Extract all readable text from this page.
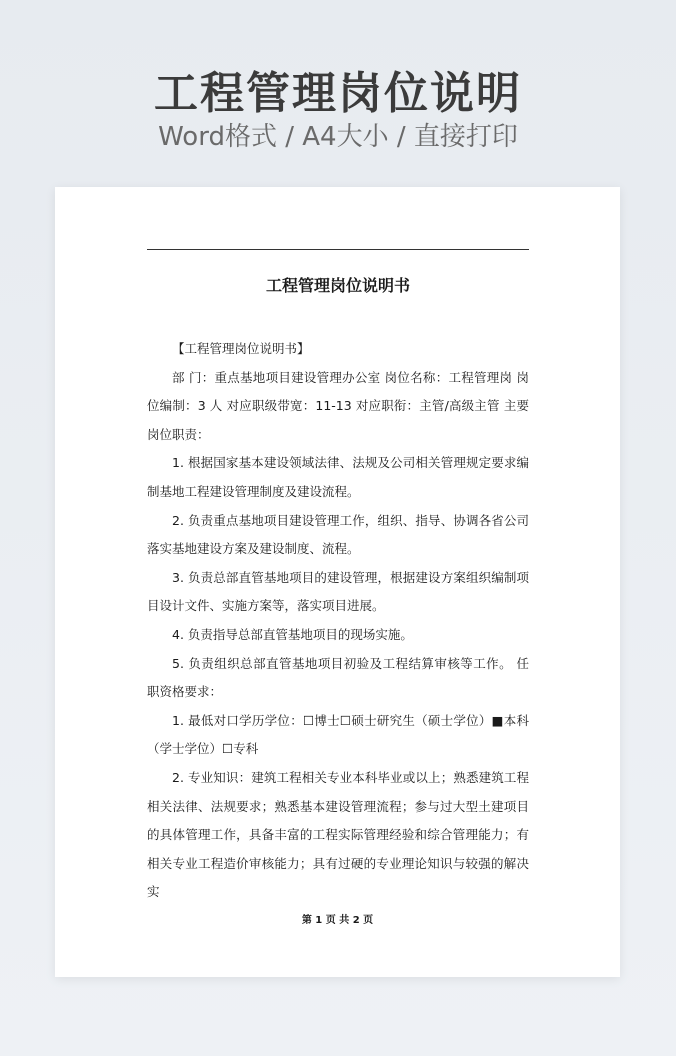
工程管理岗位说明
Word格式 / A4大小 / 直接打印
工程管理岗位说明书

【工程管理岗位说明书】

部 门：重点基地项目建设管理办公室 岗位名称：工程管理岗 岗位编制：3 人 对应职级带宽：11-13 对应职衔：主管/高级主管 主要岗位职责：

1. 根据国家基本建设领域法律、法规及公司相关管理规定要求编制基地工程建设管理制度及建设流程。

2. 负责重点基地项目建设管理工作，组织、指导、协调各省公司落实基地建设方案及建设制度、流程。

3. 负责总部直管基地项目的建设管理，根据建设方案组织编制项目设计文件、实施方案等，落实项目进展。

4. 负责指导总部直管基地项目的现场实施。

5. 负责组织总部直管基地项目初验及工程结算审核等工作。 任职资格要求：

1. 最低对口学历学位：☐博士☐硕士研究生（硕士学位）■本科（学士学位）☐专科

2. 专业知识：建筑工程相关专业本科毕业或以上；熟悉建筑工程相关法律、法规要求；熟悉基本建设管理流程；参与过大型土建项目的具体管理工作，具备丰富的工程实际管理经验和综合管理能力；有相关专业工程造价审核能力；具有过硬的专业理论知识与较强的解决实

第 1 页 共 2 页
